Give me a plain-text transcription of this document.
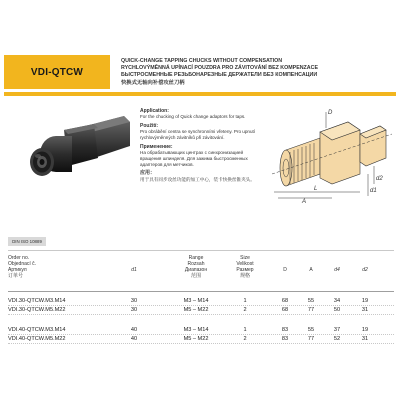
VDI-QTCW
QUICK-CHANGE TAPPING CHUCKS WITHOUT COMPENSATION
RYCHLOVÝMĚNNÁ UPÍNACÍ POUZDRA PRO ZÁVITOVÁNÍ BEZ KOMPENZACE
БЫСТРОСМЕННЫЕ РЕЗЬБОНАРЕЗНЫЕ ДЕРЖАТЕЛИ БЕЗ КОМПЕНСАЦИИ
快换式无轴向补偿攻丝刀柄
Application:
For the chucking of Quick change adaptors for taps.
Použití:
Pro obrábění centra se synchronními vřeteny. Pro upnutí rychlovýměnných závitníků při závitování.
Применение:
На обрабатывающих центрах с синхронизацией вращения шпинделя. Для зажима быстросменных адаптеров для метчиков.
应用：
用于具有同步攻丝功能的加工中心，装卡快换丝锥夹头。
D
L
A
d1
d2
DIN ISO 10889
Order no.
Objednací č.
Артикул
订单号
d1
Range
Rozsah
Диапазон
范围
Size
Velikost
Размер
规格
D	A	d4	d2
VDI.30-QTCW.M3.M14	30	M3 – M14	1	68	55	34	19
VDI.30-QTCW.M5.M22	30	M5 – M22	2	68	77	50	31
VDI.40-QTCW.M3.M14	40	M3 – M14	1	83	55	37	19
VDI.40-QTCW.M5.M22	40	M5 – M22	2	83	77	52	31
